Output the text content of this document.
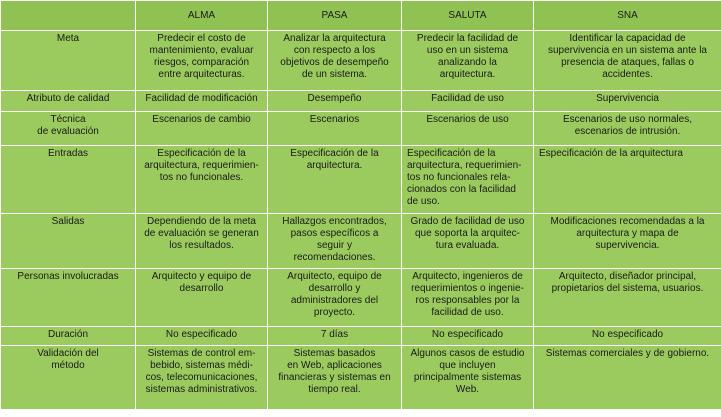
	ALMA	PASA	SALUTA	SNA
Meta	Predecir el costo de
mantenimiento, evaluar
riesgos, comparación
entre arquitecturas.	Analizar la arquitectura
con respecto a los
objetivos de desempeño
de un sistema.	Predecir la facilidad de
uso en un sistema
analizando la
arquitectura.	Identificar la capacidad de
supervivencia en un sistema ante la
presencia de ataques, fallas o
accidentes.
Atributo de calidad	Facilidad de modificación	Desempeño	Facilidad de uso	Supervivencia
Técnica
de evaluación	Escenarios de cambio	Escenarios	Escenarios de uso	Escenarios de uso normales,
escenarios de intrusión.
Entradas	Especificación de la
arquitectura, requerimien-
tos no funcionales.	Especificación de la
arquitectura.	Especificación de la
arquitectura, requerimien-
tos no funcionales rela-
cionados con la facilidad
de uso.	Especificación de la arquitectura
Salidas	Dependiendo de la meta
de evaluación se generan
los resultados.	Hallazgos encontrados,
pasos específicos a
seguir y
recomendaciones.	Grado de facilidad de uso
que soporta la arquitec-
tura evaluada.	Modificaciones recomendadas a la
arquitectura y mapa de
supervivencia.
Personas involucradas	Arquitecto y equipo de
desarrollo	Arquitecto, equipo de
desarrollo y
administradores del
proyecto.	Arquitecto, ingenieros de
requerimientos o ingenie-
ros responsables por la
facilidad de uso.	Arquitecto, diseñador principal,
propietarios del sistema, usuarios.
Duración	No especificado	7 días	No especificado	No especificado
Validación del
método	Sistemas de control em-
bebido, sistemas médi-
cos, telecomunicaciones,
sistemas administrativos.	Sistemas basados
en Web, aplicaciones
financieras y sistemas en
tiempo real.	Algunos casos de estudio
que incluyen
principalmente sistemas
Web.	Sistemas comerciales y de gobierno.
